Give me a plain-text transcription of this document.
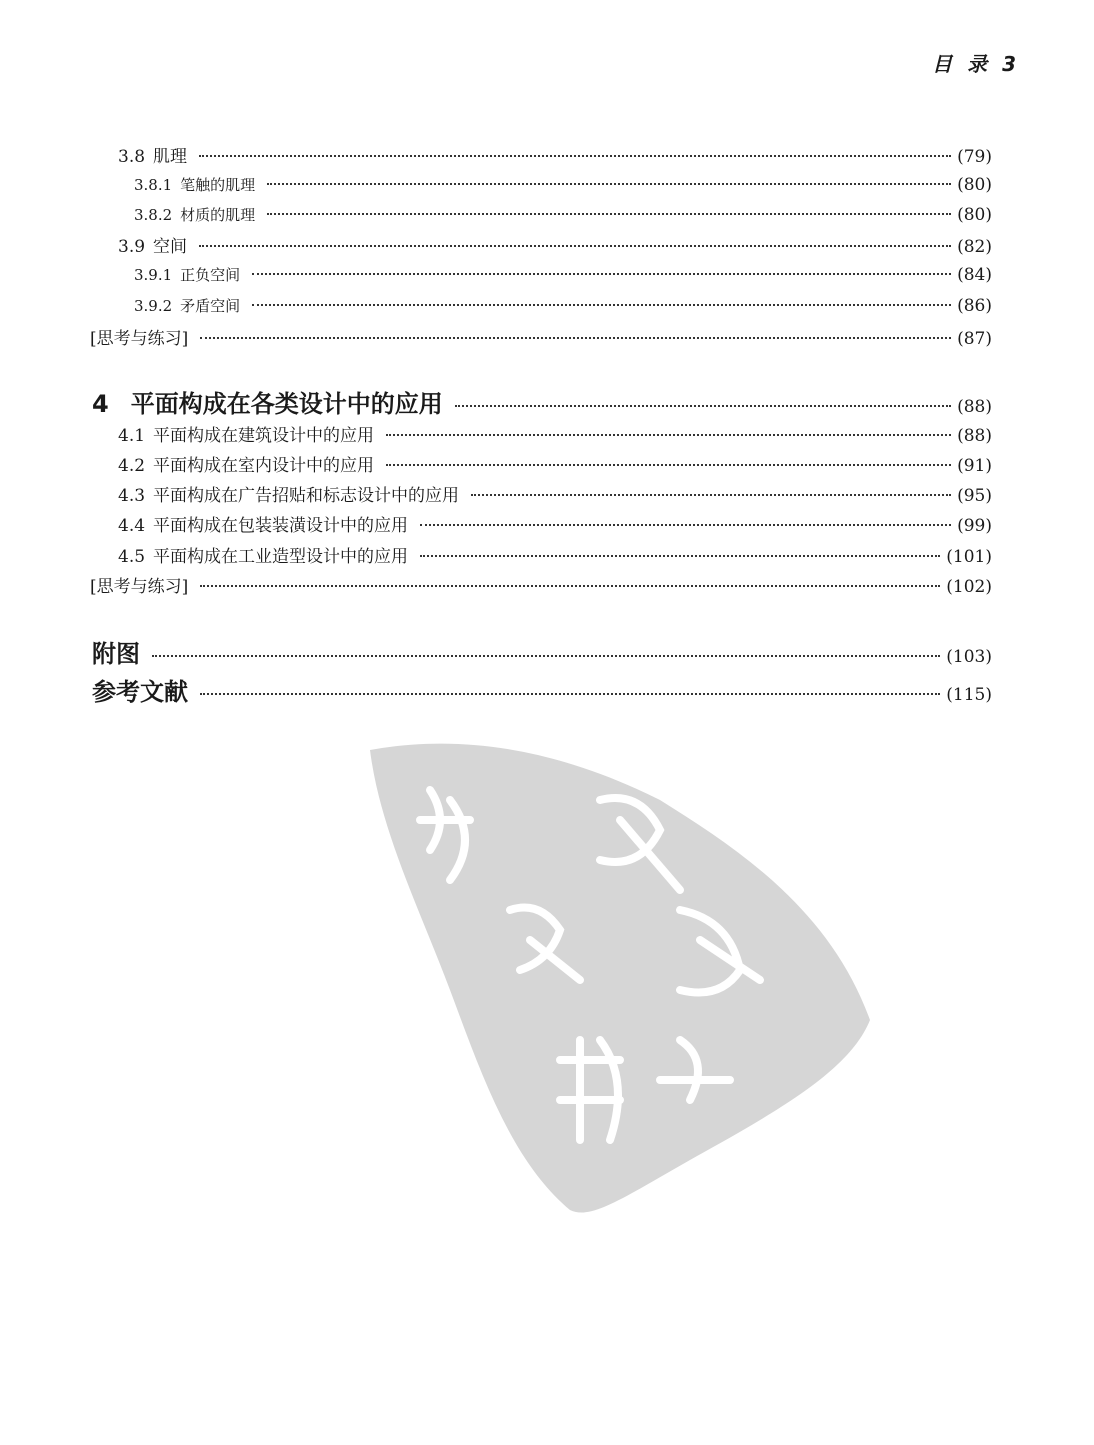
目 录 3
3.8 肌理	(79)
3.8.1 笔触的肌理	(80)
3.8.2 材质的肌理	(80)
3.9 空间	(82)
3.9.1 正负空间	(84)
3.9.2 矛盾空间	(86)
[思考与练习]	(87)
4 平面构成在各类设计中的应用	(88)
4.1 平面构成在建筑设计中的应用	(88)
4.2 平面构成在室内设计中的应用	(91)
4.3 平面构成在广告招贴和标志设计中的应用	(95)
4.4 平面构成在包装装潢设计中的应用	(99)
4.5 平面构成在工业造型设计中的应用	(101)
[思考与练习]	(102)
附图	(103)
参考文献	(115)
